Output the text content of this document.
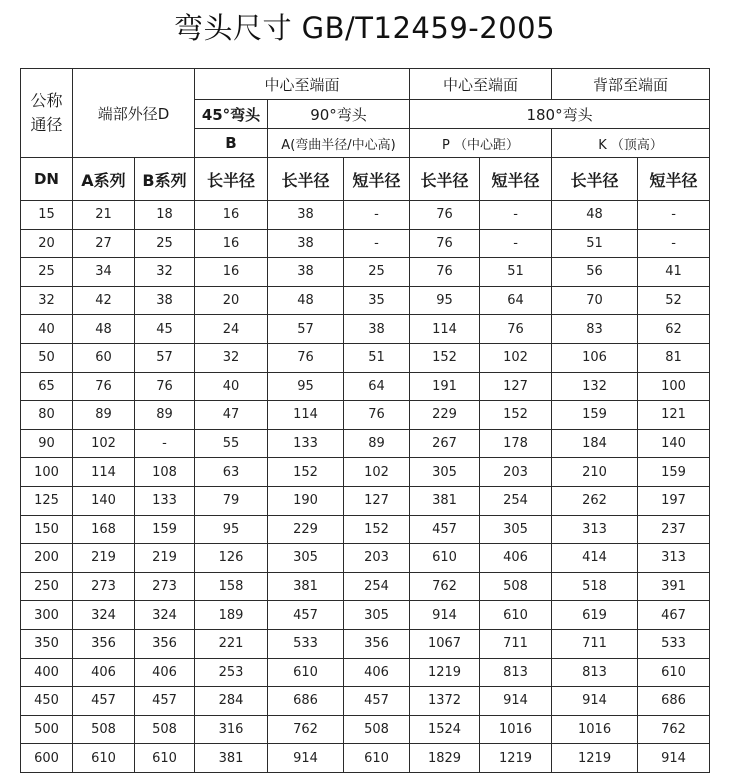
弯头尺寸 GB/T12459-2005
公称
通径	端部外径D		中心至端面			中心至端面		背部至端面	
			45°弯头	90°弯头		180°弯头			
			B	A(弯曲半径/中心高)		P （中心距）		K （顶高）	
DN	A系列	B系列	长半径	长半径	短半径	长半径	短半径	长半径	短半径
15	21	18	16	38	-	76	-	48	-
20	27	25	16	38	-	76	-	51	-
25	34	32	16	38	25	76	51	56	41
32	42	38	20	48	35	95	64	70	52
40	48	45	24	57	38	114	76	83	62
50	60	57	32	76	51	152	102	106	81
65	76	76	40	95	64	191	127	132	100
80	89	89	47	114	76	229	152	159	121
90	102	-	55	133	89	267	178	184	140
100	114	108	63	152	102	305	203	210	159
125	140	133	79	190	127	381	254	262	197
150	168	159	95	229	152	457	305	313	237
200	219	219	126	305	203	610	406	414	313
250	273	273	158	381	254	762	508	518	391
300	324	324	189	457	305	914	610	619	467
350	356	356	221	533	356	1067	711	711	533
400	406	406	253	610	406	1219	813	813	610
450	457	457	284	686	457	1372	914	914	686
500	508	508	316	762	508	1524	1016	1016	762
600	610	610	381	914	610	1829	1219	1219	914
